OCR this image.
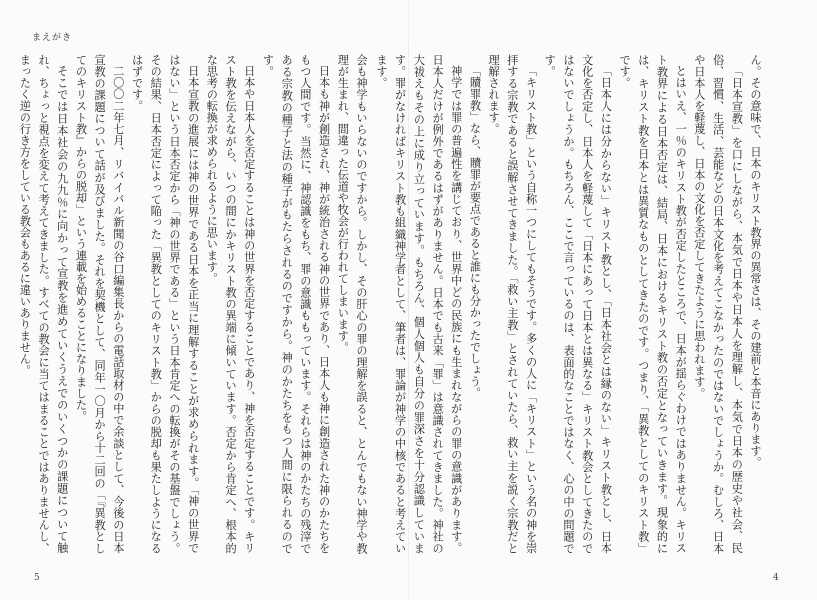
まえがき

会も神学もいらないのですから。しかし、その肝心の罪の理解を誤ると、とんでもない神学や教理が生まれ、間違った伝道や牧会が行われてしまいます。

日本も神が創造され、神が統治される神の世界であり、日本人も神に創造された神のかたちをもつ人間です。当然に、神認識をもち、罪の意識ももっています。それらは神のかたちの残滓である宗教の種子と法の種子がもたらされるのですから。神のかたちをもつ人間に限られるのです。

日本や日本人を否定することは神の世界を否定することであり、神を否定することです。キリスト教を伝えながら、いつの間にかキリスト教の異端に傾いています。否定から肯定へ、根本的な思考の転換が求められるように思います。

日本宣教の進展には神の世界である日本を正当に理解することが求められます。「神の世界ではない」という日本否定から「神の世界である」という日本肯定への転換がその基盤でしょう。その結果、日本否定によって陥った「異教としてのキリスト教」からの脱却も果たしようになるはずです。

二〇〇二年七月、リバイバル新聞の谷口編集長からの電話取材の中で余談として、今後の日本宣教の課題について話が及びました。それを契機として、同年一〇月から十二回の「『異教としてのキリスト教』からの脱却」という連載を始めることになりました。

そこでは日本社会の九九％に向かって宣教を進めていくうえでのいくつかの課題について触れ、ちょっと視点を変えて考えてきました。すべての教会に当てはまることではありませんし、まったく逆の行き方をしている教会もあるに違いありません。

5

ん。その意味で、日本のキリスト教界の異常さは、その建前と本音にあります。

「日本宣教」を口にしながら、本気で日本や日本人を理解し、本気で日本の歴史や社会、民俗、習慣、生活、芸能などの日本文化を考えてこなかったのではないでしょうか。むしろ、日本や日本人を軽蔑し、日本の文化を否定してきたように思われます。

とはいえ、一％のキリスト教が否定したところで、日本が揺らぐわけではありません。キリスト教界による日本否定は、結局、日本におけるキリスト教の否定となっていきます。現象的には、キリスト教を日本とは異質なものとしてきたのです。つまり、「異教としてのキリスト教」です。

「日本人には分からない」キリスト教とし、「日本社会とは縁のない」キリスト教とし、日本文化を否定し、日本人を軽蔑して「日本にあって日本とは異なる」キリスト教会としてきたのではないでしょうか。もちろん、ここで言っているのは、表面的なことではなく、心の中の問題です。

「キリスト教」という自称一つにしてもそうです。多くの人に「キリスト」という名の神を崇拝する宗教であると誤解させてきました。「救い主教」とされていたら、救い主を説く宗教だと理解されます。

「贖罪教」なら、贖罪が要点であると誰にも分かったでしょう。

神学では罪の普遍性を講じており、世界中どの民族にも生まれながらの罪の意識があります。日本人だけが例外であるはずがありません。日本でも古来「罪」は意識されてきました。神社の大祓えもその上に成り立っています。もちろん、個人個人も自分の罪深さを十分認識しています。罪がなければキリスト教も組織神学者として、筆者は、罪論が神学の中核であると考えています。

4
